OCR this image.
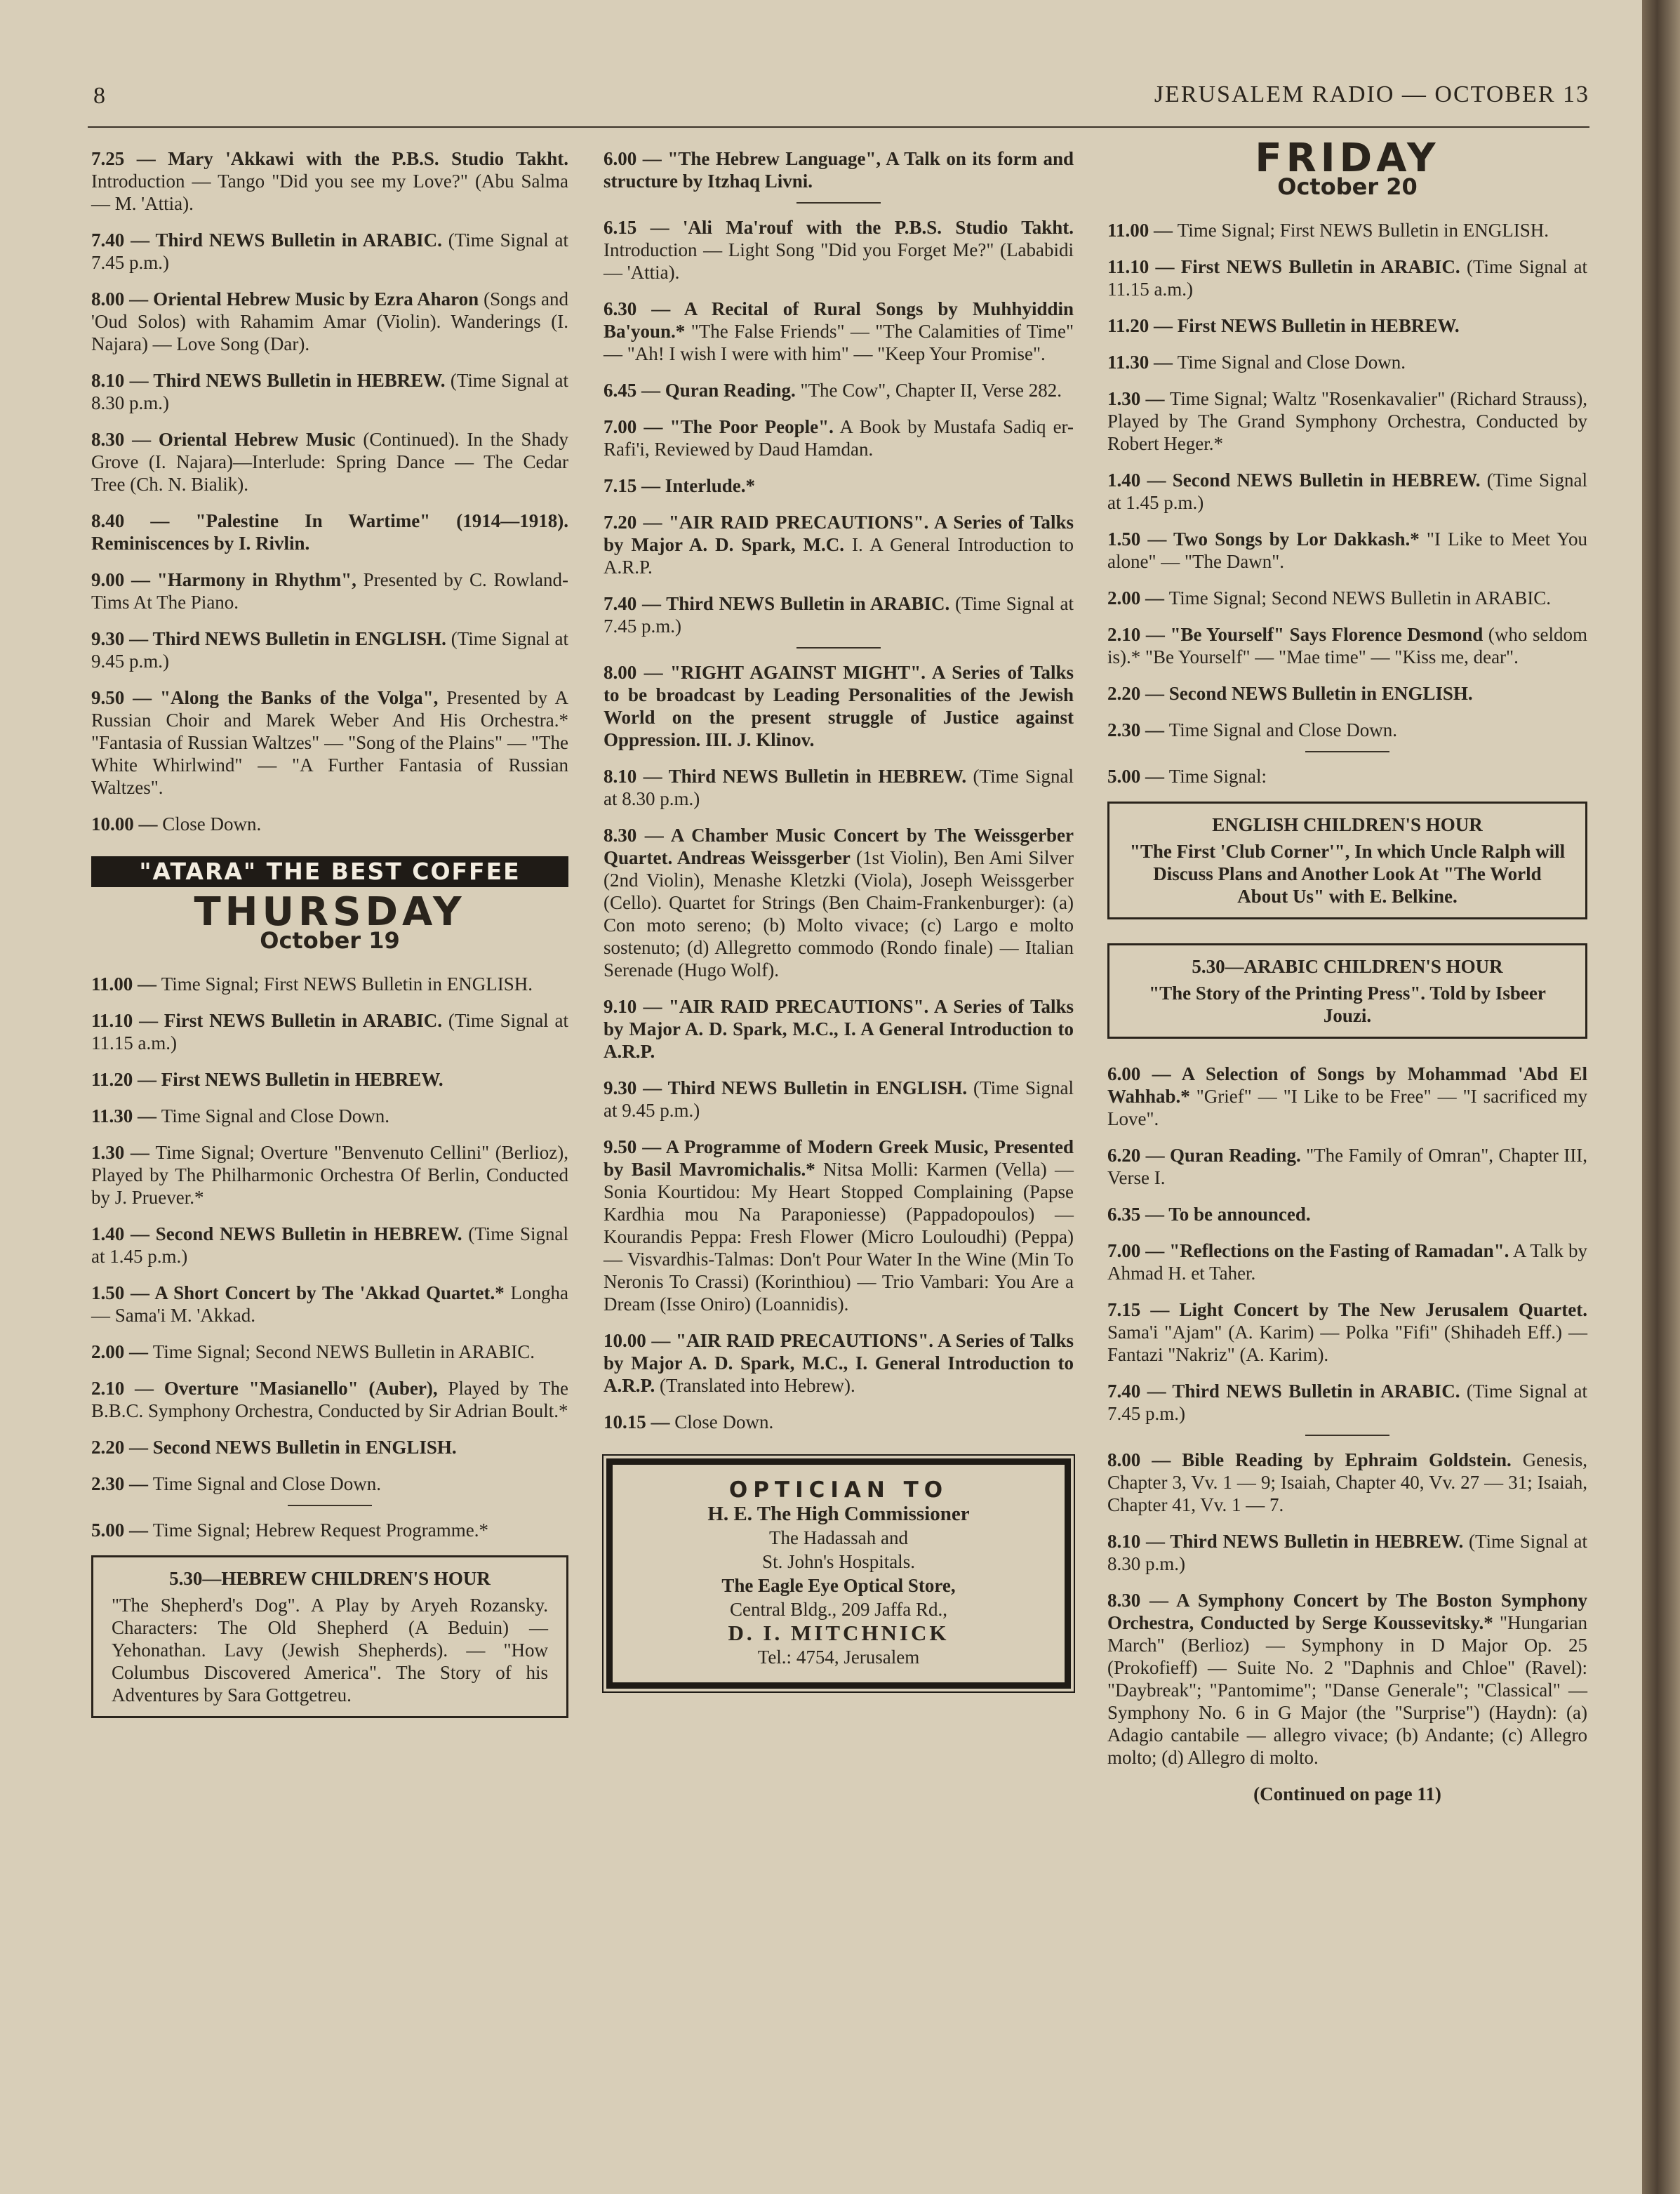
8	JERUSALEM RADIO — OCTOBER 13
7.25 — Mary 'Akkawi with the P.B.S. Studio Takht. Introduction — Tango "Did you see my Love?" (Abu Salma — M. 'Attia).
7.40 — Third NEWS Bulletin in ARABIC. (Time Signal at 7.45 p.m.)
8.00 — Oriental Hebrew Music by Ezra Aharon (Songs and 'Oud Solos) with Rahamim Amar (Violin). Wanderings (I. Najara) — Love Song (Dar).
8.10 — Third NEWS Bulletin in HEBREW. (Time Signal at 8.30 p.m.)
8.30 — Oriental Hebrew Music (Continued). In the Shady Grove (I. Najara)—Interlude: Spring Dance — The Cedar Tree (Ch. N. Bialik).
8.40 — "Palestine In Wartime" (1914—1918). Reminiscences by I. Rivlin.
9.00 — "Harmony in Rhythm", Presented by C. Rowland-Tims At The Piano.
9.30 — Third NEWS Bulletin in ENGLISH. (Time Signal at 9.45 p.m.)
9.50 — "Along the Banks of the Volga", Presented by A Russian Choir and Marek Weber And His Orchestra.* "Fantasia of Russian Waltzes" — "Song of the Plains" — "The White Whirlwind" — "A Further Fantasia of Russian Waltzes".
10.00 — Close Down.
"ATARA" THE BEST COFFEE
THURSDAY
October 19
11.00 — Time Signal; First NEWS Bulletin in ENGLISH.
11.10 — First NEWS Bulletin in ARABIC. (Time Signal at 11.15 a.m.)
11.20 — First NEWS Bulletin in HEBREW.
11.30 — Time Signal and Close Down.
1.30 — Time Signal; Overture "Benvenuto Cellini" (Berlioz), Played by The Philharmonic Orchestra Of Berlin, Conducted by J. Pruever.*
1.40 — Second NEWS Bulletin in HEBREW. (Time Signal at 1.45 p.m.)
1.50 — A Short Concert by The 'Akkad Quartet.* Longha — Sama'i M. 'Akkad.
2.00 — Time Signal; Second NEWS Bulletin in ARABIC.
2.10 — Overture "Masianello" (Auber), Played by The B.B.C. Symphony Orchestra, Conducted by Sir Adrian Boult.*
2.20 — Second NEWS Bulletin in ENGLISH.
2.30 — Time Signal and Close Down.
5.00 — Time Signal; Hebrew Request Programme.*
5.30—HEBREW CHILDREN'S HOUR
"The Shepherd's Dog". A Play by Aryeh Rozansky. Characters: The Old Shepherd (A Beduin) — Yehonathan. Lavy (Jewish Shepherds). — "How Columbus Discovered America". The Story of his Adventures by Sara Gottgetreu.
6.00 — "The Hebrew Language", A Talk on its form and structure by Itzhaq Livni.
6.15 — 'Ali Ma'rouf with the P.B.S. Studio Takht. Introduction — Light Song "Did you Forget Me?" (Lababidi — 'Attia).
6.30 — A Recital of Rural Songs by Muhhyiddin Ba'youn.* "The False Friends" — "The Calamities of Time" — "Ah! I wish I were with him" — "Keep Your Promise".
6.45 — Quran Reading. "The Cow", Chapter II, Verse 282.
7.00 — "The Poor People". A Book by Mustafa Sadiq er-Rafi'i, Reviewed by Daud Hamdan.
7.15 — Interlude.*
7.20 — "AIR RAID PRECAUTIONS". A Series of Talks by Major A. D. Spark, M.C. I. A General Introduction to A.R.P.
7.40 — Third NEWS Bulletin in ARABIC. (Time Signal at 7.45 p.m.)
8.00 — "RIGHT AGAINST MIGHT". A Series of Talks to be broadcast by Leading Personalities of the Jewish World on the present struggle of Justice against Oppression. III. J. Klinov.
8.10 — Third NEWS Bulletin in HEBREW. (Time Signal at 8.30 p.m.)
8.30 — A Chamber Music Concert by The Weissgerber Quartet. Andreas Weissgerber (1st Violin), Ben Ami Silver (2nd Violin), Menashe Kletzki (Viola), Joseph Weissgerber (Cello). Quartet for Strings (Ben Chaim-Frankenburger): (a) Con moto sereno; (b) Molto vivace; (c) Largo e molto sostenuto; (d) Allegretto commodo (Rondo finale) — Italian Serenade (Hugo Wolf).
9.10 — "AIR RAID PRECAUTIONS". A Series of Talks by Major A. D. Spark, M.C., I. A General Introduction to A.R.P.
9.30 — Third NEWS Bulletin in ENGLISH. (Time Signal at 9.45 p.m.)
9.50 — A Programme of Modern Greek Music, Presented by Basil Mavromichalis.* Nitsa Molli: Karmen (Vella) — Sonia Kourtidou: My Heart Stopped Complaining (Papse Kardhia mou Na Paraponiesse) (Pappadopoulos) — Kourandis Peppa: Fresh Flower (Micro Louloudhi) (Peppa) — Visvardhis-Talmas: Don't Pour Water In the Wine (Min To Neronis To Crassi) (Korinthiou) — Trio Vambari: You Are a Dream (Isse Oniro) (Loannidis).
10.00 — "AIR RAID PRECAUTIONS". A Series of Talks by Major A. D. Spark, M.C., I. General Introduction to A.R.P. (Translated into Hebrew).
10.15 — Close Down.
OPTICIAN TO
H. E. The High Commissioner
The Hadassah and
St. John's Hospitals.
The Eagle Eye Optical Store,
Central Bldg., 209 Jaffa Rd.,
D. I. MITCHNICK
Tel.: 4754, Jerusalem
FRIDAY
October 20
11.00 — Time Signal; First NEWS Bulletin in ENGLISH.
11.10 — First NEWS Bulletin in ARABIC. (Time Signal at 11.15 a.m.)
11.20 — First NEWS Bulletin in HEBREW.
11.30 — Time Signal and Close Down.
1.30 — Time Signal; Waltz "Rosenkavalier" (Richard Strauss), Played by The Grand Symphony Orchestra, Conducted by Robert Heger.*
1.40 — Second NEWS Bulletin in HEBREW. (Time Signal at 1.45 p.m.)
1.50 — Two Songs by Lor Dakkash.* "I Like to Meet You alone" — "The Dawn".
2.00 — Time Signal; Second NEWS Bulletin in ARABIC.
2.10 — "Be Yourself" Says Florence Desmond (who seldom is).* "Be Yourself" — "Mae time" — "Kiss me, dear".
2.20 — Second NEWS Bulletin in ENGLISH.
2.30 — Time Signal and Close Down.
5.00 — Time Signal:
ENGLISH CHILDREN'S HOUR
"The First 'Club Corner'", In which Uncle Ralph will Discuss Plans and Another Look At "The World About Us" with E. Belkine.
5.30—ARABIC CHILDREN'S HOUR
"The Story of the Printing Press". Told by Isbeer Jouzi.
6.00 — A Selection of Songs by Mohammad 'Abd El Wahhab.* "Grief" — "I Like to be Free" — "I sacrificed my Love".
6.20 — Quran Reading. "The Family of Omran", Chapter III, Verse I.
6.35 — To be announced.
7.00 — "Reflections on the Fasting of Ramadan". A Talk by Ahmad H. et Taher.
7.15 — Light Concert by The New Jerusalem Quartet. Sama'i "Ajam" (A. Karim) — Polka "Fifi" (Shihadeh Eff.) — Fantazi "Nakriz" (A. Karim).
7.40 — Third NEWS Bulletin in ARABIC. (Time Signal at 7.45 p.m.)
8.00 — Bible Reading by Ephraim Goldstein. Genesis, Chapter 3, Vv. 1 — 9; Isaiah, Chapter 40, Vv. 27 — 31; Isaiah, Chapter 41, Vv. 1 — 7.
8.10 — Third NEWS Bulletin in HEBREW. (Time Signal at 8.30 p.m.)
8.30 — A Symphony Concert by The Boston Symphony Orchestra, Conducted by Serge Koussevitsky.* "Hungarian March" (Berlioz) — Symphony in D Major Op. 25 (Prokofieff) — Suite No. 2 "Daphnis and Chloe" (Ravel): "Daybreak"; "Pantomime"; "Danse Generale"; "Classical" — Symphony No. 6 in G Major (the "Surprise") (Haydn): (a) Adagio cantabile — allegro vivace; (b) Andante; (c) Allegro molto; (d) Allegro di molto.
(Continued on page 11)
